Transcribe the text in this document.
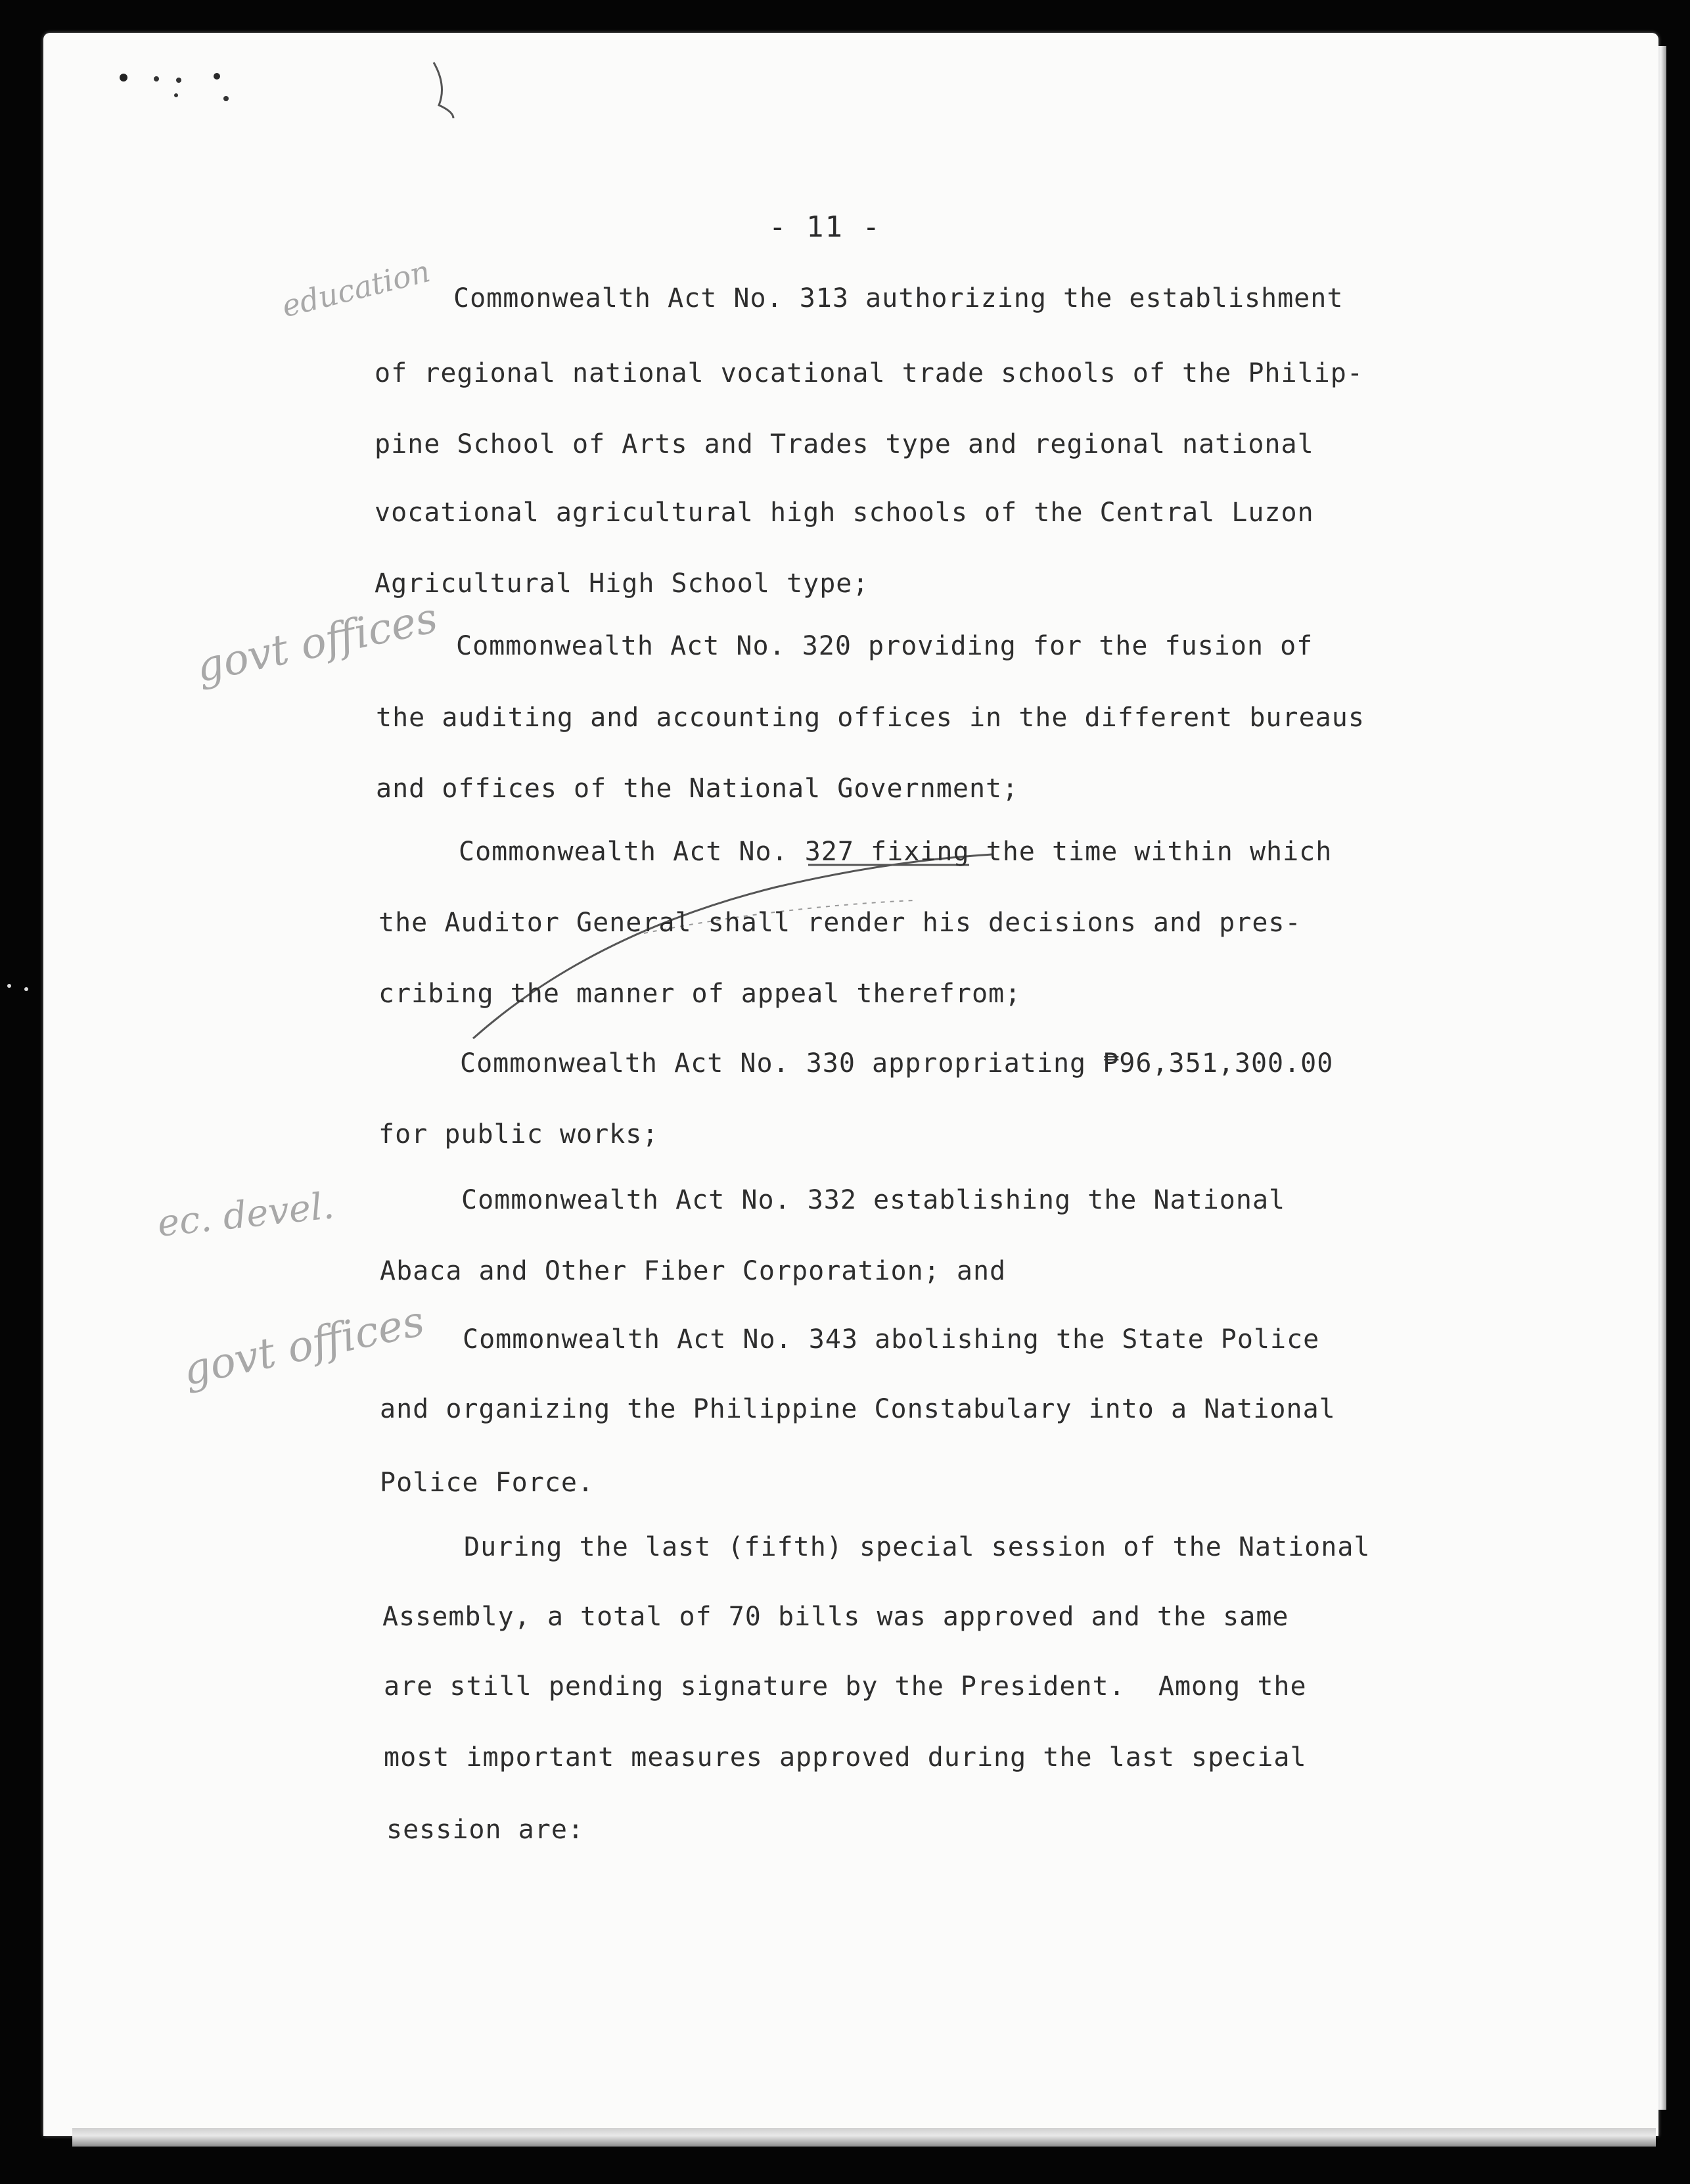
- 11 -
education
govt offices
ec. devel.
govt offices
Commonwealth Act No. 313 authorizing the establishment
of regional national vocational trade schools of the Philip-
pine School of Arts and Trades type and regional national
vocational agricultural high schools of the Central Luzon
Agricultural High School type;
Commonwealth Act No. 320 providing for the fusion of
the auditing and accounting offices in the different bureaus
and offices of the National Government;
Commonwealth Act No. 327 fixing the time within which
the Auditor General shall render his decisions and pres-
cribing the manner of appeal therefrom;
Commonwealth Act No. 330 appropriating ₱96,351,300.00
for public works;
Commonwealth Act No. 332 establishing the National
Abaca and Other Fiber Corporation; and
Commonwealth Act No. 343 abolishing the State Police
and organizing the Philippine Constabulary into a National
Police Force.
During the last (fifth) special session of the National
Assembly, a total of 70 bills was approved and the same
are still pending signature by the President.  Among the
most important measures approved during the last special
session are:
